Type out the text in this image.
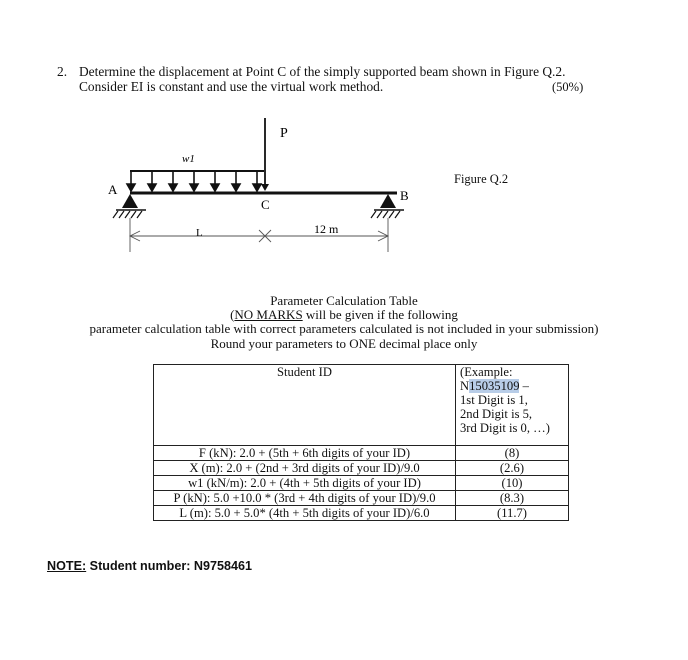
2. Determine the displacement at Point C of the simply supported beam shown in Figure Q.2.
Consider EI is constant and use the virtual work method.	(50%)
P
w1
A	B
C
L	12 m
Figure Q.2
Parameter Calculation Table
(NO MARKS will be given if the following
parameter calculation table with correct parameters calculated is not included in your submission)
Round your parameters to ONE decimal place only
Student ID	(Example:
N15035109 –
1st Digit is 1,
2nd Digit is 5,
3rd Digit is 0, …)

F (kN): 2.0 + (5th + 6th digits of your ID)	(8)
X (m): 2.0 + (2nd + 3rd digits of your ID)/9.0	(2.6)
w1 (kN/m): 2.0 + (4th + 5th digits of your ID)	(10)
P (kN): 5.0 +10.0 * (3rd + 4th digits of your ID)/9.0	(8.3)
L (m): 5.0 + 5.0* (4th + 5th digits of your ID)/6.0	(11.7)
NOTE: Student number: N9758461
